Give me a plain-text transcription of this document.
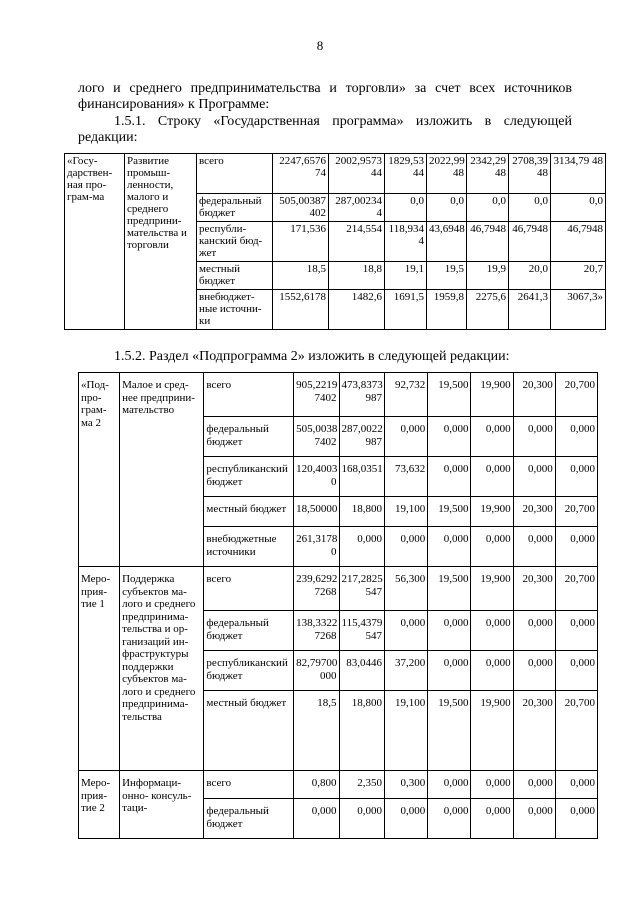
8

лого и среднего предпринимательства и торговли» за счет всех источников
финансирования» к Программе:

1.5.1. Строку «Государственная программа» изложить в следующей редакции:

«Госу- дарствен- ная про- грам-ма	Развитие промыш- ленности, малого и среднего предприни- мательства и торговли	всего	2247,6576 74	2002,9573 44	1829,53 44	2022,99 48	2342,29 48	2708,39 48	3134,79 48
		федеральный бюджет	505,00387 402	287,00234 4	0,0	0,0	0,0	0,0	0,0
		республи- канский бюд- жет	171,536	214,554	118,934 4	43,6948	46,7948	46,7948	46,7948
		местный бюджет	18,5	18,8	19,1	19,5	19,9	20,0	20,7
		внебюджет- ные источни- ки	1552,6178	1482,6	1691,5	1959,8	2275,6	2641,3	3067,3»

1.5.2. Раздел «Подпрограмма 2» изложить в следующей редакции:

«Под- про- грам- ма 2	Малое и сред- нее предприни- мательство	всего	905,2219 7402	473,8373 987	92,732	19,500	19,900	20,300	20,700
		федеральный бюджет	505,0038 7402	287,0022 987	0,000	0,000	0,000	0,000	0,000
		республиканский бюджет	120,4003 0	168,0351	73,632	0,000	0,000	0,000	0,000
		местный бюджет	18,50000	18,800	19,100	19,500	19,900	20,300	20,700
		внебюджетные источники	261,3178 0	0,000	0,000	0,000	0,000	0,000	0,000
Меро- прия- тие 1	Поддержка субъектов ма- лого и среднего предпринима- тельства и ор- ганизаций ин- фраструктуры поддержки субъектов ма- лого и среднего предпринима- тельства	всего	239,6292 7268	217,2825 547	56,300	19,500	19,900	20,300	20,700
		федеральный бюджет	138,3322 7268	115,4379 547	0,000	0,000	0,000	0,000	0,000
		республиканский бюджет	82,79700 000	83,0446	37,200	0,000	0,000	0,000	0,000
		местный бюджет	18,5	18,800	19,100	19,500	19,900	20,300	20,700
Меро- прия- тие 2	Информаци- онно- консуль-таци-	всего	0,800	2,350	0,300	0,000	0,000	0,000	0,000
		федеральный бюджет	0,000	0,000	0,000	0,000	0,000	0,000	0,000
